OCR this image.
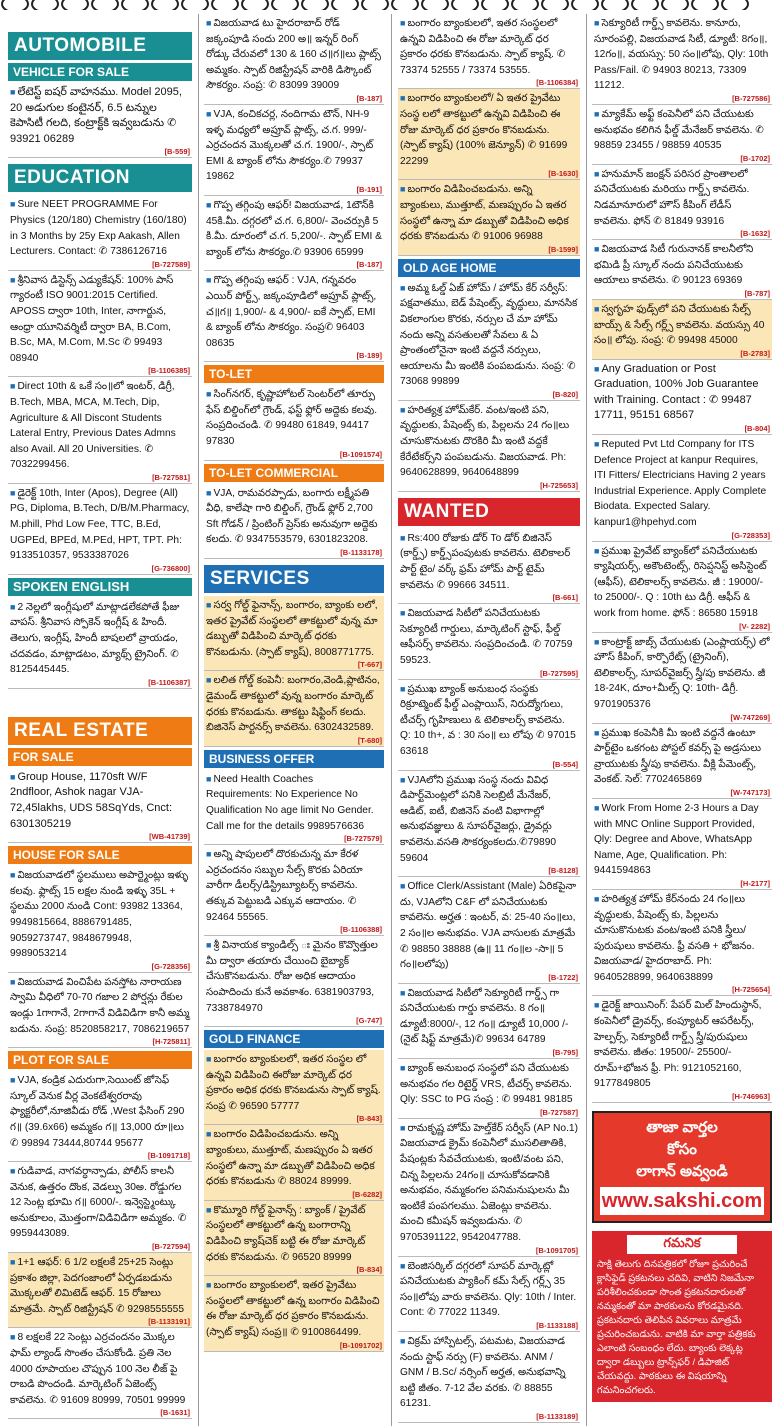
AUTOMOBILE
VEHICLE FOR SALE
■ లేటెస్ట్ ఐషర్ వాహనము. Model 2095, 20 అడుగుల కంటైనర్, 6.5 టన్నుల కెపాసిటీ గలది, కంట్రాక్ట్‌కి ఇవ్వబడును ✆ 93921 06289
[B-559]
EDUCATION
■ Sure NEET PROGRAMME For Physics (120/180) Chemistry (160/180) in 3 Months by 25y Exp Aakash, Allen Lecturers. Contact: ✆ 7386126716
[B-727589]
■ శ్రీనివాస డిస్టెన్స్ ఎడ్యుకేషన్: 100% పాస్ గ్యారంటీ ISO 9001:2015 Certified. APOSS ద్వారా 10th, Inter, నాగార్జున, ఆంధ్రా యూనివర్శిటీ ద్వారా BA, B.Com, B.Sc, MA, M.Com, M.Sc ✆ 99493 08940
[B-1106385]
■ Direct 10th & ఒకే సం॥లో ఇంటర్, డిగ్రీ, B.Tech, MBA, MCA, M.Tech, Dip, Agriculture & All Discont Students Lateral Entry, Previous Dates Admns also Avail. All 20 Universities. ✆ 7032299456.
[B-727581]
■ డైరెక్ట్ 10th, Inter (Apos), Degree (All) PG, Diploma, B.Tech, D/B/M.Pharmacy, M.phill, Phd Low Fee, TTC, B.Ed, UGPEd, BPEd, M.PEd, HPT, TPT. Ph: 9133510357, 9533387026
[G-736800]
SPOKEN ENGLISH
■ 2 నెల్లలో ఇంగ్లీషులో మాట్లాడలేకపోతే ఫీజు వాపస్. శ్రీనివాస స్పోకెన్ ఇంగ్లీష్ & హిందీ. తెలుగు, ఇంగ్లీష్, హిందీ బాషలలో వ్రాయడం, చదవడం, మాట్లాడటం, మ్యాథ్స్ ట్రైనింగ్. ✆ 8125445445.
[B-1106387]
REAL ESTATE
FOR SALE
■ Group House, 1170sft W/F 2ndfloor, Ashok nagar VJA-72,45lakhs, UDS 58SqYds, Cnct: 6301305219
[WB-41739]
HOUSE FOR SALE
■ విజయవాడలో స్థలములు అపార్ట్మెంట్లు ఇళ్ళు కలవు. ఫ్లాట్స్ 15 లక్షల నుండి ఇళ్ళు 35L + స్థలము 2000 నుండి Cont: 93982 13364, 9949815664, 8886791485, 9059273747, 9848679948, 9989053214
[G-728356]
■ విజయవాడ వించిపేట పనస్తోట నారాయణ స్వామి వీధిలో 70-70 గజాల 2 పోర్షన్లు రేకుల ఇండ్లు 1గాగానే, 2గాగానే విడివిడిగా కానీ అమ్మ బడును. సంప్ర: 8520858217, 7086219657
[H-725811]
PLOT FOR SALE
■ VJA, కండ్రిక ఎదురుగా,సెయింట్ జోసెఫ్ స్కూల్ వెనుక వీర్ల వెంకటేశ్వరరావు ఫ్యాక్టరీలో,నూజివీడు రోడ్ ,West ఫేసింగ్ 290 గ॥ (39.6x66) అమ్మకం గ॥ 13,000 రూ॥లు ✆ 99894 73444,80744 95677
[B-1091718]
■ గుడివాడ, నాగవర్ధాన్పాడు, పోలీస్ కాలనీ వెనుక, ఉత్తరం దొంక, వెడల్పు 30అ. రోడ్డుగల 12 సెంట్ల భూమి గ॥ 6000/-. ఇన్వెస్ట్మెంట్కు అనుకూలం, మొత్తంగా/విడివిడిగా అమ్మకం. ✆ 9959443089.
[B-727594]
■ 1+1 ఆఫర్: 6 1/2 లక్షలకే 25+25 సెంట్లు ప్రకాశం జిల్లా, పెదగంజాంలో ఏర్పడబడును మొక్కలతో లిమిటెడ్ ఆఫర్. 15 రోజులు మాత్రమే. స్పాట్ రిజిస్ట్రేషన్ ✆ 9298555555
[B-1133191]
■ 8 లక్షలకే 22 సెంట్లు ఎర్రచందనం మొక్కల ఫామ్ ల్యాండ్ సొంతం చేసుకోండి. ప్రతి నెల 4000 రూపాయల చొప్పున 100 నెల లీజ్ పై రాబడి పొందండి. మార్కెటింగ్ ఏజెంట్స్ కావలెను. ✆ 91609 80999, 70501 99999
[B-1631]
■ విజయవాడ టు హైదరాబాద్ రోడ్ జక్కంపూడి సందు 200 అ॥ ఇన్నర్ రింగ్ రోడ్కు చేరువలో 130 & 160 చ॥గ॥లు ప్లాట్స్ అమ్మకం. స్పాట్ రిజిస్ట్రేషన్ వారికి డిస్కౌంట్ సౌకర్యం. సంప్ర: ✆ 83099 39009
[B-187]
■ VJA, కంచికచర్ల, నందిగామ టౌన్, NH-9 ఇళ్ళ మధ్యలో అప్రూవ్ ప్లాట్స్, చ.గ. 999/- ఎర్రచందన మొక్కలతో చ.గ. 1900/-, స్పాట్ EMI & బ్యాంక్ లోను సౌకర్యం.✆ 79937 19862
[B-191]
■ గొప్ప తగ్గింపు ఆఫర్! విజయవాడ, 1టౌన్‌కి 45కి.మీ. దగ్గరలో చ.గ. 6,800/- వెంచర్సుకి 5 కి.మీ. దూరంలో చ.గ. 5,200/-. స్పాట్ EMI & బ్యాంక్ లోను సౌకర్యం.✆ 93906 65999
[B-187]
■ గొప్ప తగ్గింపు ఆఫర్ : VJA, గన్నవరం ఎయిర్ పోర్ట్స్, జక్కంపూడిలో అప్రూవ్ ప్లాట్స్, చ॥గ॥ 1,900/- & 4,900/- ఐకే స్పాట్, EMI & బ్యాంక్ లోను సౌకర్యం. సంప్ర✆ 96403 08635
[B-189]
TO-LET
■ సింగ్‌నగర్, కృష్ణాహోటల్ సెంటర్‌లో తూర్పు ఫేస్ బిల్డింగ్‌లో గ్రౌండ్, ఫస్ట్ ఫ్లోర్ అద్దెకు కలవు. సంప్రదించండి. ✆ 99480 61849, 94417 97830
[B-1091574]
TO-LET COMMERCIAL
■ VJA, రామవరప్పాడు, బంగారు లక్ష్మీపతి వీధి, కాలేషా గారి బిల్డింగ్, గ్రౌండ్ ఫ్లోర్ 2,700 Sft గోడన్ / ప్రింటింగ్ ప్రెస్‌కు అనువుగా అద్దెకు కలదు. ✆ 9347553579, 6301823208.
[B-1133178]
SERVICES
■ సర్వ గోల్డ్ ఫైనాన్స్, బంగారం, బ్యాంకు లలో, ఇతర ప్రైవేట్ సంస్థలలో తాకట్టులో వున్న మా డబ్బుతో విడిపించి మార్కెట్ ధరకు కొనబడును. (స్పాట్ క్యాష్), 8008771775.
[T-667]
■ లలిత గోల్డ్ కంపెనీ: బంగారం,వెండి,ప్లాటినం, డైమండ్ తాకట్టులో వున్న బంగారం మార్కెట్ ధరకు కొనబడును. తాకట్టు షిఫ్టింగ్ కలదు. బిజినెస్ పార్టనర్స్ కావలెను. 6302432589.
[T-680]
BUSINESS OFFER
■ Need Health Coaches Requirements: No Experience No Qualification No age limit No Gender. Call me for the details 9989576636
[B-727579]
■ అన్ని షాపులలో దొరకుచున్న మా కేరళ ఎర్రచందనం సబ్బుల సేల్స్ కొరకు ఏరియా వారీగా డీలర్స్/డిస్ట్రిబ్యూటర్స్ కావలెను. తక్కువ పెట్టుబడి ఎక్కువ ఆదాయం. ✆ 92464 55565.
[B-1106388]
■ శ్రీ వినాయక క్యాండిల్స్ ః మైనం కొవ్వొత్తుల మీ ద్వారా తయారు చేయించి బైబ్యాక్ చేసుకొనబడును. రోజు అధిక ఆదాయం సంపాదించు కునే అవకాశం. 6381903793, 7338784970
[G-747]
GOLD FINANCE
■ బంగారం బ్యాంకులలో, ఇతర సంస్థల లో ఉన్నవి విడిపించి ఈరోజు మార్కెట్ ధర ప్రకారం అధిక ధరకు కొనబడును స్పాట్ క్యాష్. సంప్ర ✆ 96590 57777
[B-843]
■ బంగారం విడిపించబడును. అన్ని బ్యాంకులు, ముత్తూట్, మణప్పురం ఏ ఇతర సంస్థలో ఉన్నా మా డబ్బుతో విడిపించి అధిక ధరకు కొనబడును ✆ 88024 89999.
[B-6282]
■ కొమ్మూరి గోల్డ్ ఫైనాన్స్ : బ్యాంక్ / ప్రైవేట్ సంస్థలలో తాకట్టులో ఉన్న బంగారాన్ని విడిపించి క్యాష్‌చెక్ బట్టి ఈ రోజు మార్కెట్ ధరకు కొనబడును. ✆ 96520 89999
[B-834]
■ బంగారం బ్యాంకులలో, ఇతర ప్రైవేటు సంస్థలలో తాకట్టులో ఉన్న బంగారం విడిపించి ఈ రోజు మార్కెట్ ధర ప్రకారం కొనబడును. (స్పాట్ క్యాష్) సంప్ర॥ ✆ 9100864499.
[B-1091702]
■ బంగారం బ్యాంకులలో, ఇతర సంస్థలలో ఉన్నవి విడిపించి ఈ రోజు మార్కెట్ ధర ప్రకారం ధరకు కొనబడును. స్పాట్ క్యాష్. ✆ 73374 52555 / 73374 53555.
[B-1106384]
■ బంగారం బ్యాంకులలో/ ఏ ఇతర ప్రైవేటు సంస్థ లలో తాకట్టులో ఉన్నవి విడిపించి ఈ రోజు మార్కెట్ ధర ప్రకారం కొనబడును. (స్పాట్ క్యాష్) (100% జెన్యూన్) ✆ 91699 22299
[B-1630]
■ బంగారం విడిపించబడును. అన్ని బ్యాంకులు, ముత్తూట్, మణప్పురం ఏ ఇతర సంస్థలో ఉన్నా మా డబ్బుతో విడిపించి అధిక ధరకు కొనబడును ✆ 91006 96988
[B-1599]
OLD AGE HOME
■ అమ్మ ఓల్డ్ ఏజ్ హోమ్ / హోమ్ కేర్ సర్వీస్: పక్షవాతము, బెడ్ పేషెంట్స్, వృద్ధులు, మానసిక వికలాంగుల కొరకు, నర్సుల చే మా హోమ్ నందు అన్ని వసతులతో సేవలు & ఏ ప్రాంతంలోనైనా ఇంటి వద్దనే నర్సులు, ఆయాలను మీ ఇంటికి పంపబడును. సంప్ర: ✆ 73068 99899
[B-820]
■ హరిత్యశ్ర హోమ్‌కేర్. వంట/ఇంటి పని, వృద్ధులకు, పేషెంట్స్ కు, పిల్లలను 24 గం॥లు చూసుకొనుటకు దొరకిరి మీ ఇంటి వద్దకే కేరేటేకర్స్‌ని పంపబడును. విజయవాడ. Ph: 9640628899, 9640648899
[H-725653]
WANTED
■ Rs:400 రోజుకు డోర్ To డోర్ బిజినెస్ (కార్డ్స్) కార్డ్స్‌పంపుటకు కావలెను. టెలికాలర్ పార్ట్ టైం/ వర్క్ ఫ్రమ్ హోమ్ పార్ట్ టైమ్ కావలెను ✆ 99666 34511.
[B-661]
■ విజయవాడ సిటీలో పనిచేయుటకు సెక్యూరిటీ గార్డులు, మార్కెటింగ్ స్టాఫ్, ఫీల్డ్ ఆఫీసర్స్ కావలెను. సంప్రదించండి. ✆ 70759 59523.
[B-727595]
■ ప్రముఖ బ్యాంక్ అనుబంధ సంస్థకు రిక్రూట్మెంట్ ఫీల్డ్ ఎంప్లాయిస్, నిరుద్యోగులు, టీచర్స్ గృహిణులు & టెలికాలర్స్ కావలెను. Q: 10 th+, వ : 30 సం॥ లు లోపు ✆ 97015 63618
[B-554]
■ VJAలోని ప్రముఖ సంస్థ నందు వివిధ డిపార్ట్‌మెంట్లలో పనికి సెలబ్రిటీ మేనేజర్, ఆడిట్, ఐటీ, బిజినెస్ వంటి విభాగాల్లో అనుభవజ్ఞులు & సూపర్‌వైజర్లు, డ్రైవర్లు కావలెను.వసతి సౌకర్యంకలదు.✆79890 59604
[B-8128]
■ Office Clerk/Assistant (Male) ఏరికపైనా దు, VJAలోని C&F లో పనిచేయుటకు కావలెను. అర్హత : ఇంటర్, వ: 25-40 సం॥లు, 2 సం॥ల అనుభవం. VJA వాసులకు మాత్రమే ✆ 98850 38888 (ఉ॥ 11 గం॥ల -సా॥ 5 గం॥లలోపు)
[B-1722]
■ విజయవాడ సిటీలో సెక్యూరిటీ గార్డ్స్ గా పనిచేయుటకు గార్డు కావలెను. 8 గం॥ డ్యూటీ:8000/-, 12 గం॥ డ్యూటీ 10,000 /- (నైట్ షిఫ్ట్ మాత్రమే)✆ 99634 64789
[B-795]
■ బ్యాంక్ అనుబంధ సంస్థలో పని చేయుటకు అనుభవం గల రిటైర్డ్ VRS, టీచర్స్ కావలెను. Qly: SSC to PG సంప్ర : ✆ 99481 98185
[B-727587]
■ రామకృష్ణ హోమ్ హెల్త్‌కేర్ సర్వీస్ (AP No.1) విజయవాడ క్రైమ్ కంపెనీలో ముసలితాతికి, పేషంట్లకు సేవచేయుటకు, ఇంటి/వంట పని, చిన్న పిల్లలను 24గం॥ చూసుకోవడానికి అనుభవం, నమ్మకంగల పనిమనుషులను మీ ఇంటికే పంపగలము. ఏజెంట్లు కావలెను. మంచి కమీషన్ ఇవ్వబడును. ✆ 9705391122, 9542047788.
[B-1091705]
■ బెంజిసర్కిల్ దగ్గరలో సూపర్ మార్కెట్లో పనిచేయుటకు ప్యాకింగ్ కమ్ సేల్స్ గర్ల్స్ 35 సం॥లోపు వారు కావలెను. Qly: 10th / Inter. Cont: ✆ 77022 11349.
[B-1133188]
■ విక్రమ్ హాస్పిటల్స్, పటమట, విజయవాడ నందు స్టాఫ్ నర్సు (F) కావలెను. ANM / GNM / B.Sc/ నర్సింగ్ అర్హత, అనుభవాన్ని బట్టి జీతం. 7-12 వేల వరకు. ✆ 88855 61231.
[B-1133189]
■ సెక్యూరిటీ గార్డ్స్ కావలెను. కానూరు, సూరంపల్లి, విజయవాడ సిటీ, డ్యూటీ: 8గం॥, 12గం॥, వయస్సు: 50 సం॥లోపు, Qly: 10th Pass/Fail. ✆ 94903 80213, 73309 11212.
[B-727586]
■ మ్యాకేమ్ అఫ్ట్ కంపెనీలో పని చేయుటకు అనుభవం కలిగిన ఫీల్డ్ మేనేజర్ కావలెను. ✆ 98859 23455 / 98859 40535
[B-1702]
■ హనుమాన్ జంక్షన్ పరిసర ప్రాంతాలలో పనిచేయుటకు మరియు గార్డ్స్ కావలెను. నిడమానూరులో హౌస్ కీపింగ్ లేడీస్ కావలెను. ఫోన్ ✆ 81849 93916
[B-1632]
■ విజయవాడ సిటీ గురునానక్ కాలనీలోని భమిడి ప్రీ స్కూల్ నందు పనిచేయుటకు ఆయాలు కావలెను. ✆ 90123 69369
[B-787]
■ స్వగృహ ఫుడ్స్‌లో పని చేయుటకు సేల్స్ బాయ్స్ & సేల్స్ గర్ల్స్ కావలెను. వయస్సు 40 సం॥ లోపు. సంప్ర: ✆ 99498 45000
[B-2783]
■ Any Graduation or Post Graduation, 100% Job Guarantee with Training. Contact : ✆ 99487 17711, 95151 68567
[B-804]
■ Reputed Pvt Ltd Company for ITS Defence Project at kanpur Requires, ITI Fitters/ Electricians Having 2 years Industrial Experience. Apply Complete Biodata. Expected Salary. kanpur1@hpehyd.com
[G-728353]
■ ప్రముఖ ప్రైవేట్ బ్యాంక్‌లో పనిచేయుటకు క్యాషియర్స్, అకౌంటెంట్స్, రిసెప్షనిస్ట్ అసిస్టెంట్ (ఆఫీస్), టెలికాలర్స్ కావలెను. జీ : 19000/- to 25000/-. Q : 10th టు డిగ్రీ. ఆఫీస్ & work from home. ఫోన్ : 86580 15918
[V- 2282]
■ కాంట్రాక్ట్ జాబ్స్ చేయుటకు (ఎంప్లాయర్స్) లో హౌస్ కీపింగ్, కార్పొరేట్స్ (ట్రైనింగ్), టెలికాలర్స్, సూపర్‌వైజర్స్ స్త్రీ/పు కావలెను. జీ 18-24K, దూం+మీల్స్ Q: 10th- డిగ్రీ. 9701905376
[W-747269]
■ ప్రముఖ కంపెనీకి మీ ఇంటి వద్దనే ఉంటూ పార్ట్‌టైం ఒకగంట పోస్టల్ కవర్స్ పై అడ్రసులు వ్రాయుటకు స్త్రీ/పు కావలెను. వీక్లి పేమెంట్స్, వెంకట్. సెల్: 7702465869
[W-747173]
■ Work From Home 2-3 Hours a Day with MNC Online Support Provided, Qly: Degree and Above, WhatsApp Name, Age, Qualification. Ph: 9441594863
[H-2177]
■ హరిత్యశ్ర హోమ్ కేర్‌నందు 24 గం॥లు వృద్ధులకు, పేషెంట్స్ కు, పిల్లలను చూసుకొనుటకు వంట/ఇంటి పనికి స్త్రీలు/పురుషులు కావలెను. ఫ్రీ వసతి + భోజనం. విజయవాడ/ హైదరాబాద్. Ph: 9640528899, 9640638899
[H-725654]
■ డైరెక్ట్ జాయినింగ్: పేపర్ మిల్ హిందుస్థాన్, కంపెనీలో డ్రైవర్స్, కంప్యూటర్ ఆపరేటర్స్, హెల్పర్స్, సెక్యూరిటీ గార్డ్స్ స్త్రీ/పురుషులు కావలెను. జీతం: 19500/- 25500/- రూమ్+భోజన ఫ్రీ. Ph: 9121052160, 9177849805
[H-746963]
తాజా వార్తల
కోసం
లాగాన్ అవ్వండి
www.sakshi.com
గమనిక
సాక్షి తెలుగు దినపత్రికలో రోజూ ప్రచురించే క్లాసిఫైడ్ ప్రకటనలు చదివి, వాటిని నిజమేనా పరిశీలించకుండా సొంత ప్రకటనదారులతో నమ్మకంతో మా పాఠకులను కోరడమైనది. ప్రకటనదారు తెలిపిన వివరాలు మాత్రమే ప్రచురించబడును. వాటికి మా వార్తా పత్రికకు ఎలాంటి సంబంధం లేదు. బ్యాంకు లెక్కట్ల ద్వారా డబ్బులు ట్రాన్స్‌ఫర్ / డిపాజిట్ చేయవద్దు. పాఠకులు ఈ విషయాన్ని గమనించగలరు.
